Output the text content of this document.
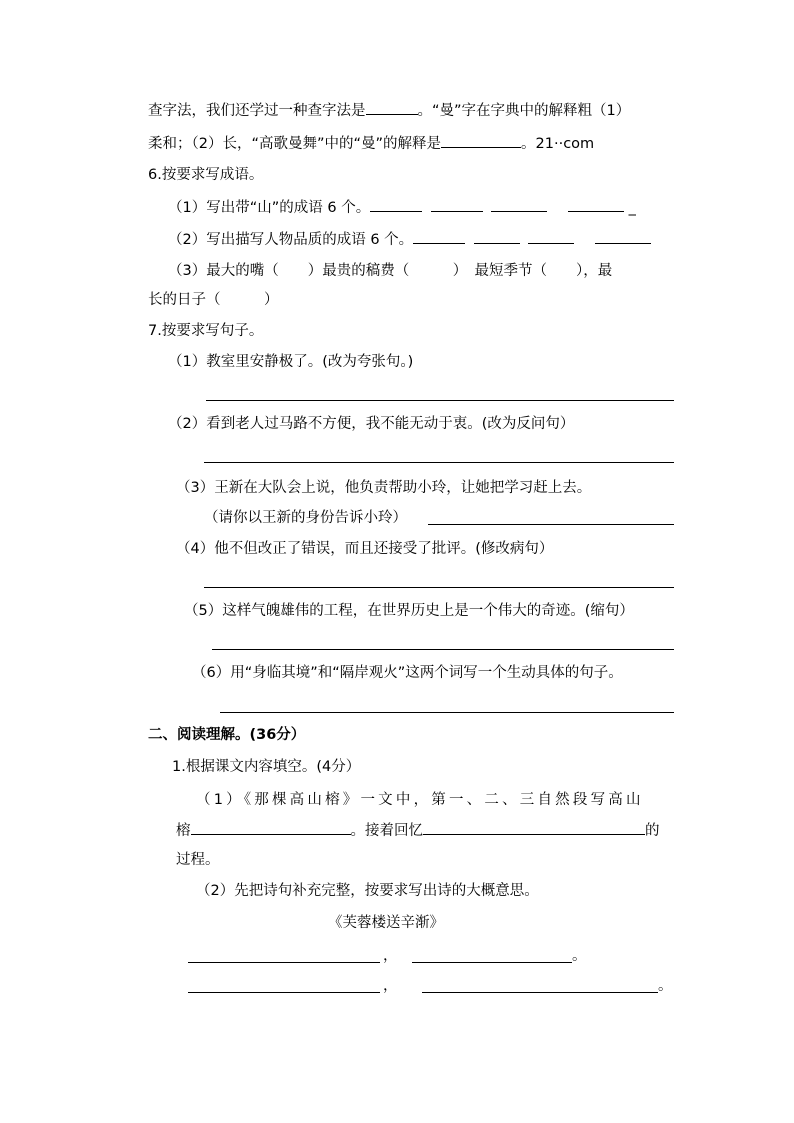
查字法，我们还学过一种查字法是	。“曼”字在字典中的解释粗（1）
柔和；（2）长，“高歌曼舞”中的“曼”的解释是	。21··com
6.按要求写成语。
（1）写出带“山”的成语 6 个。	_
（2）写出描写人物品质的成语 6 个。
（3）最大的嘴（　　）最贵的稿费（　　　）　最短季节（　　），最
长的日子（　　　）
7.按要求写句子。
（1）教室里安静极了。(改为夸张句。)
（2）看到老人过马路不方便，我不能无动于衷。(改为反问句）
（3）王新在大队会上说，他负责帮助小玲，让她把学习赶上去。
（请你以王新的身份告诉小玲）
（4）他不但改正了错误，而且还接受了批评。(修改病句）
（5）这样气魄雄伟的工程，在世界历史上是一个伟大的奇迹。(缩句）
（6）用“身临其境”和“隔岸观火”这两个词写一个生动具体的句子。
二、阅读理解。(36分）
1.根据课文内容填空。(4分）
（1）《那棵高山榕》一文中，第一、二、三自然段写高山
榕	。接着回忆	的
过程。
（2）先把诗句补充完整，按要求写出诗的大概意思。
《芙蓉楼送辛渐》
，	。
，	。
